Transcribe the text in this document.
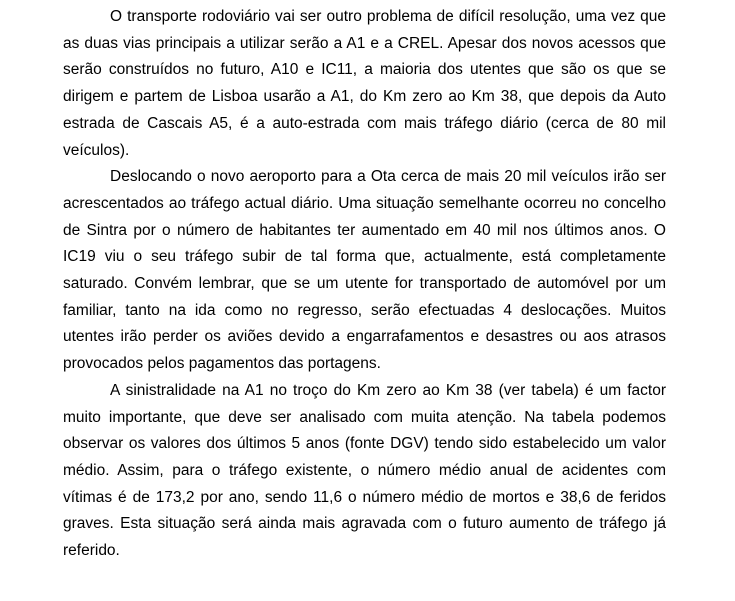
O transporte rodoviário vai ser outro problema de difícil resolução, uma vez que as duas vias principais a utilizar serão a A1 e a CREL. Apesar dos novos acessos que serão construídos no futuro, A10 e IC11, a maioria dos utentes que são os que se dirigem e partem de Lisboa usarão a A1, do Km zero ao Km 38, que depois da Auto estrada de Cascais A5, é a auto-estrada com mais tráfego diário (cerca de 80 mil veículos).

Deslocando o novo aeroporto para a Ota cerca de mais 20 mil veículos irão ser acrescentados ao tráfego actual diário. Uma situação semelhante ocorreu no concelho de Sintra por o número de habitantes ter aumentado em 40 mil nos últimos anos. O IC19 viu o seu tráfego subir de tal forma que, actualmente, está completamente saturado. Convém lembrar, que se um utente for transportado de automóvel por um familiar, tanto na ida como no regresso, serão efectuadas 4 deslocações. Muitos utentes irão perder os aviões devido a engarrafamentos e desastres ou aos atrasos provocados pelos pagamentos das portagens.

A sinistralidade na A1 no troço do Km zero ao Km 38 (ver tabela) é um factor muito importante, que deve ser analisado com muita atenção. Na tabela podemos observar os valores dos últimos 5 anos (fonte DGV) tendo sido estabelecido um valor médio. Assim, para o tráfego existente, o número médio anual de acidentes com vítimas é de 173,2 por ano, sendo 11,6 o número médio de mortos e 38,6 de feridos graves. Esta situação será ainda mais agravada com o futuro aumento de tráfego já referido.
